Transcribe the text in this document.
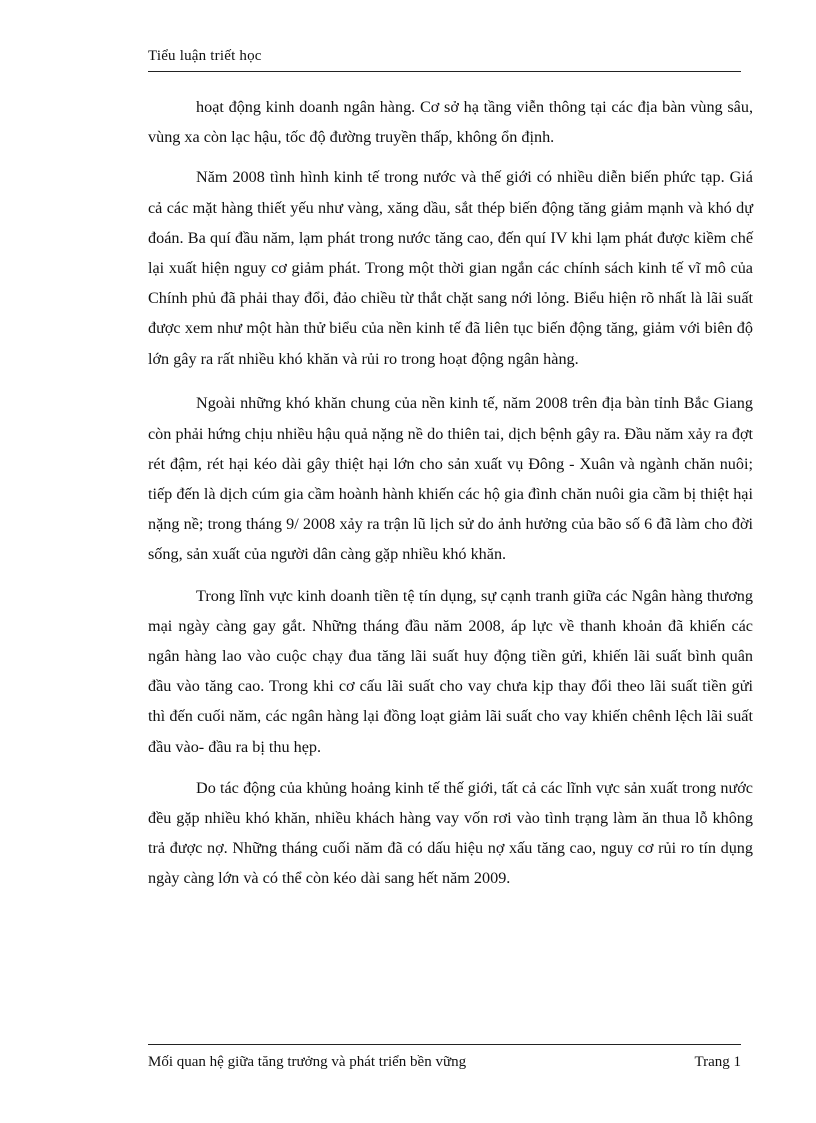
Tiểu luận triết học

hoạt động kinh doanh ngân hàng. Cơ sở hạ tầng viễn thông tại các địa bàn vùng sâu, vùng xa còn lạc hậu, tốc độ đường truyền thấp, không ổn định.

Năm 2008 tình hình kinh tế trong nước và thế giới có nhiều diễn biến phức tạp. Giá cả các mặt hàng thiết yếu như vàng, xăng dầu, sắt thép biến động tăng giảm mạnh và khó dự đoán. Ba quí đầu năm, lạm phát trong nước tăng cao, đến quí IV khi lạm phát được kiềm chế lại xuất hiện nguy cơ giảm phát. Trong một thời gian ngắn các chính sách kinh tế vĩ mô của Chính phủ đã phải thay đổi, đảo chiều từ thắt chặt sang nới lỏng. Biểu hiện rõ nhất là lãi suất được xem như một hàn thử biểu của nền kinh tế đã liên tục biến động tăng, giảm với biên độ lớn gây ra rất nhiều khó khăn và rủi ro trong hoạt động ngân hàng.

Ngoài những khó khăn chung của nền kinh tế, năm 2008 trên địa bàn tỉnh Bắc Giang còn phải hứng chịu nhiều hậu quả nặng nề do thiên tai, dịch bệnh gây ra. Đầu năm xảy ra đợt rét đậm, rét hại kéo dài gây thiệt hại lớn cho sản xuất vụ Đông - Xuân và ngành chăn nuôi; tiếp đến là dịch cúm gia cầm hoành hành khiến các hộ gia đình chăn nuôi gia cầm bị thiệt hại nặng nề; trong tháng 9/ 2008 xảy ra trận lũ lịch sử do ảnh hưởng của bão số 6 đã làm cho đời sống, sản xuất của người dân càng gặp nhiều khó khăn.

Trong lĩnh vực kinh doanh tiền tệ tín dụng, sự cạnh tranh giữa các Ngân hàng thương mại ngày càng gay gắt. Những tháng đầu năm 2008, áp lực về thanh khoản đã khiến các ngân hàng lao vào cuộc chạy đua tăng lãi suất huy động tiền gửi, khiến lãi suất bình quân đầu vào tăng cao. Trong khi cơ cấu lãi suất cho vay chưa kịp thay đổi theo lãi suất tiền gửi thì đến cuối năm, các ngân hàng lại đồng loạt giảm lãi suất cho vay khiến chênh lệch lãi suất đầu vào- đầu ra bị thu hẹp.

Do tác động của khủng hoảng kinh tế thế giới, tất cả các lĩnh vực sản xuất trong nước đều gặp nhiều khó khăn, nhiều khách hàng vay vốn rơi vào tình trạng làm ăn thua lỗ không trả được nợ. Những tháng cuối năm đã có dấu hiệu nợ xấu tăng cao, nguy cơ rủi ro tín dụng ngày càng lớn và có thể còn kéo dài sang hết năm 2009.

Mối quan hệ giữa tăng trưởng và phát triển bền vững	Trang 1
